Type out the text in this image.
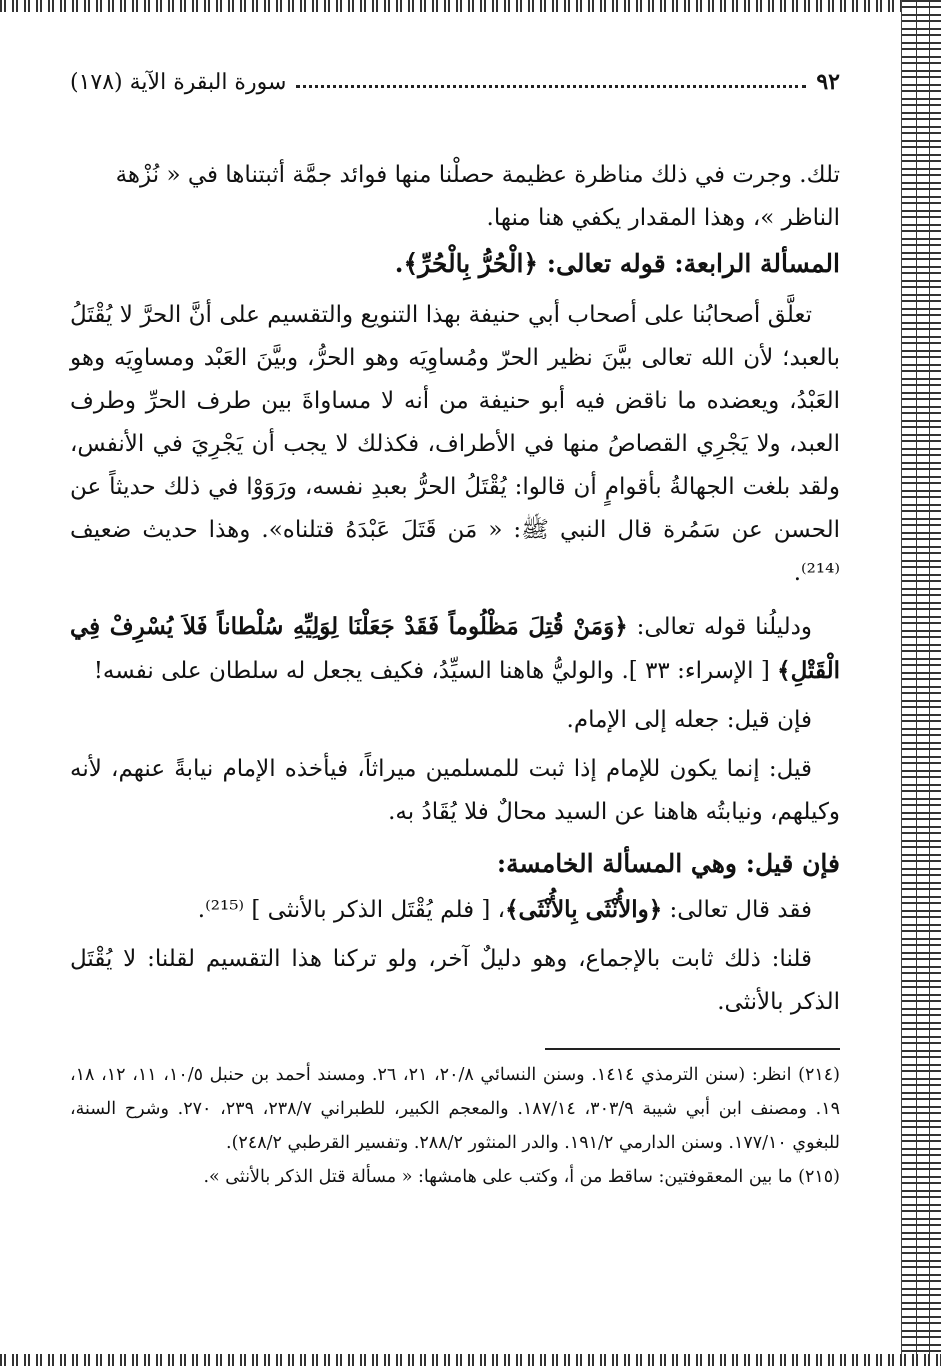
٩٢
سورة البقرة الآية (١٧٨)

تلك. وجرت في ذلك مناظرة عظيمة حصلْنا منها فوائد جمَّة أثبتناها في « نُزْهة

الناظر »، وهذا المقدار يكفي هنا منها.

المسألة الرابعة: قوله تعالى: ﴿الْحُرُّ بِالْحُرِّ﴾.

تعلَّق أصحابُنا على أصحاب أبي حنيفة بهذا التنويع والتقسيم على أنَّ الحرَّ لا يُقْتَلُ بالعبد؛ لأن الله تعالى بيَّنَ نظير الحرّ ومُساوِيَه وهو الحرُّ، وبيَّنَ العَبْد ومساوِيَه وهو العَبْدُ، ويعضده ما ناقض فيه أبو حنيفة من أنه لا مساواةَ بين طرف الحرِّ وطرف العبد، ولا يَجْرِي القصاصُ منها في الأطراف، فكذلك لا يجب أن يَجْرِيَ في الأنفس، ولقد بلغت الجهالةُ بأقوامٍ أن قالوا: يُقْتَلُ الحرُّ بعبدِ نفسه، ورَوَوْا في ذلك حديثاً عن الحسن عن سَمُرة قال النبي ﷺ: « مَن قَتَلَ عَبْدَهُ قتلناه». وهذا حديث ضعيف ⁽²¹⁴⁾.

ودليلُنا قوله تعالى: ﴿وَمَنْ قُتِلَ مَظْلُوماً فَقَدْ جَعَلْنَا لِوَلِيِّهِ سُلْطاناً فَلاَ يُسْرِفْ فِي الْقَتْلِ﴾ [ الإسراء: ٣٣ ]. والوليُّ هاهنا السيِّدُ، فكيف يجعل له سلطان على نفسه!

فإن قيل: جعله إلى الإمام.

قيل: إنما يكون للإمام إذا ثبت للمسلمين ميراثاً، فيأخذه الإمام نيابةً عنهم، لأنه وكيلهم، ونيابتُه هاهنا عن السيد محالٌ فلا يُقَادُ به.

فإن قيل: وهي المسألة الخامسة:

فقد قال تعالى: ﴿والأُنْثَى بِالأُنْثَى﴾، [ فلم يُقْتَل الذكر بالأنثى ] ⁽²¹⁵⁾.

قلنا: ذلك ثابت بالإجماع، وهو دليلٌ آخر، ولو تركنا هذا التقسيم لقلنا: لا يُقْتَل الذكر بالأنثى.

(٢١٤) انظر: (سنن الترمذي ١٤١٤. وسنن النسائي ٢٠/٨، ٢١، ٢٦. ومسند أحمد بن حنبل ١٠/٥، ١١، ١٢، ١٨، ١٩. ومصنف ابن أبي شيبة ٣٠٣/٩، ١٨٧/١٤. والمعجم الكبير، للطبراني ٢٣٨/٧، ٢٣٩، ٢٧٠. وشرح السنة، للبغوي ١٧٧/١٠. وسنن الدارمي ١٩١/٢. والدر المنثور ٢٨٨/٢. وتفسير القرطبي ٢٤٨/٢).

(٢١٥) ما بين المعقوفتين: ساقط من أ، وكتب على هامشها: « مسألة قتل الذكر بالأنثى ».
